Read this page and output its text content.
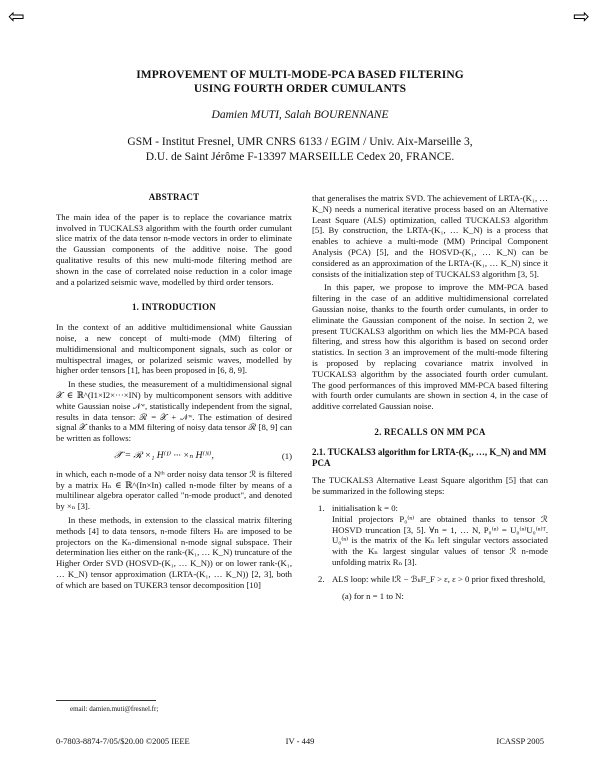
⇦	⇨
IMPROVEMENT OF MULTI-MODE-PCA BASED FILTERING
USING FOURTH ORDER CUMULANTS
Damien MUTI, Salah BOURENNANE
GSM - Institut Fresnel, UMR CNRS 6133 / EGIM / Univ. Aix-Marseille 3,
D.U. de Saint Jérôme F-13397 MARSEILLE Cedex 20, FRANCE.
ABSTRACT

The main idea of the paper is to replace the covariance matrix involved in TUCKALS3 algorithm with the fourth order cumulant slice matrix of the data tensor n-mode vectors in order to eliminate the Gaussian components of the additive noise. The good qualitative results of this new multi-mode filtering method are shown in the case of correlated noise reduction in a color image and a polarized seismic wave, modelled by third order tensors.

1. INTRODUCTION

In the context of an additive multidimensional white Gaussian noise, a new concept of multi-mode (MM) filtering of multidimensional and multicomponent signals, such as color or multispectral images, or polarized seismic waves, modelled by higher order tensors [1], has been proposed in [6, 8, 9].

In these studies, the measurement of a multidimensional signal 𝒳 ∈ ℝ^(I1×I2×···×IN) by multicomponent sensors with additive white Gaussian noise 𝒩ʷ, statistically independent from the signal, results in data tensor: ℛ = 𝒳 + 𝒩ʷ. The estimation of desired signal 𝒳 thanks to a MM filtering of noisy data tensor ℛ [8, 9] can be written as follows:

𝒳̂ = ℛ ×₁ H⁽¹⁾ ··· ×ₙ H⁽ᴺ⁾,	(1)

in which, each n-mode of a Nᵗʰ order noisy data tensor ℛ is filtered by a matrix Hₙ ∈ ℝ^(In×In) called n-mode filter by means of a multilinear algebra operator called "n-mode product", and denoted by ×ₙ [3].

In these methods, in extension to the classical matrix filtering methods [4] to data tensors, n-mode filters Hₙ are imposed to be projectors on the Kₙ-dimensional n-mode signal subspace. Their determination lies either on the rank-(K₁, … K_N) truncature of the Higher Order SVD (HOSVD-(K₁, … K_N)) or on lower rank-(K₁, … K_N) tensor approximation (LRTA-(K₁, … K_N)) [2, 3], both of which are based on TUKER3 tensor decomposition [10]

that generalises the matrix SVD. The achievement of LRTA-(K₁, … K_N) needs a numerical iterative process based on an Alternative Least Square (ALS) optimization, called TUCKALS3 algorithm [5]. By construction, the LRTA-(K₁, … K_N) is a process that enables to achieve a multi-mode (MM) Principal Component Analysis (PCA) [5], and the HOSVD-(K₁, … K_N) can be considered as an approximation of the LRTA-(K₁, … K_N) since it consists of the initialization step of TUCKALS3 algorithm [3, 5].

In this paper, we propose to improve the MM-PCA based filtering in the case of an additive multidimensional correlated Gaussian noise, thanks to the fourth order cumulants, in order to eliminate the Gaussian component of the noise. In section 2, we present TUCKALS3 algorithm on which lies the MM-PCA based filtering, and stress how this algorithm is based on second order statistics. In section 3 an improvement of the multi-mode filtering is proposed by replacing covariance matrix involved in TUCKALS3 algorithm by the associated fourth order cumulant. The good performances of this improved MM-PCA based filtering with fourth order cumulants are shown in section 4, in the case of additive correlated Gaussian noise.

2. RECALLS ON MM PCA
2.1. TUCKALS3 algorithm for LRTA-(K₁, …, K_N) and MM PCA

The TUCKALS3 Alternative Least Square algorithm [5] that can be summarized in the following steps:

1. initialisation k = 0:
Initial projectors P₀⁽ⁿ⁾ are obtained thanks to tensor ℛ HOSVD truncation [3, 5]. ∀n = 1, … N, P₀⁽ⁿ⁾ = U₀⁽ⁿ⁾U₀⁽ⁿ⁾ᵀ. U₀⁽ⁿ⁾ is the matrix of the Kₙ left singular vectors associated with the Kₙ largest singular values of tensor ℛ n-mode unfolding matrix Rₙ [3].
2. ALS loop: while ‖ℛ − ℬₖ‖²_F > ε, ε > 0 prior fixed threshold,
(a) for n = 1 to N:
email: damien.muti@fresnel.fr;
0-7803-8874-7/05/$20.00 ©2005 IEEE	IV - 449	ICASSP 2005
